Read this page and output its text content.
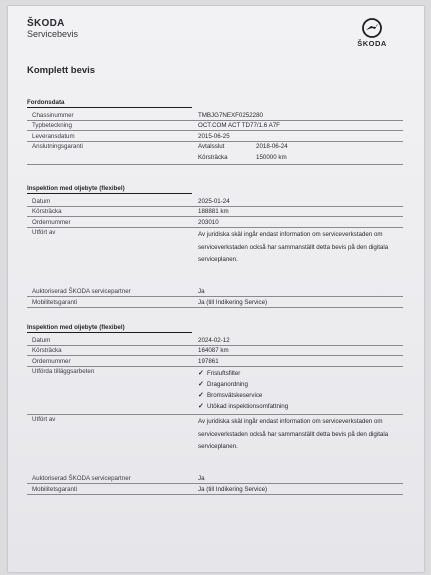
ŠKODA
Servicebevis
ŠKODA
Komplett bevis
Fordonsdata
Chassinummer	TMBJG7NEXF0252280
Typbeteckning	OCT.COM ACT TD77/1.6 A7F
Leveransdatum	2015-06-25
Anslutningsgaranti	Avtalsslut	2018-06-24
Körsträcka	150000 km
Inspektion med oljebyte (flexibel)
Datum	2025-01-24
Körsträcka	188881 km
Ordernummer	203010
Utfört av	Av juridiska skäl ingår endast information om serviceverkstaden om serviceverkstaden också har sammanställt detta bevis på den digitala serviceplanen.
Auktoriserad ŠKODA servicepartner	Ja
Mobilitetsgaranti	Ja (till Indikering Service)
Inspektion med oljebyte (flexibel)
Datum	2024-02-12
Körsträcka	164087 km
Ordernummer	197861
Utförda tilläggsarbeten	✓ Frisluftsfilter
✓ Draganordning
✓ Bromsvätskeservice
✓ Utökad inspektionsomfattning
Utfört av	Av juridiska skäl ingår endast information om serviceverkstaden om serviceverkstaden också har sammanställt detta bevis på den digitala serviceplanen.
Auktoriserad ŠKODA servicepartner	Ja
Mobilitetsgaranti	Ja (till Indikering Service)
